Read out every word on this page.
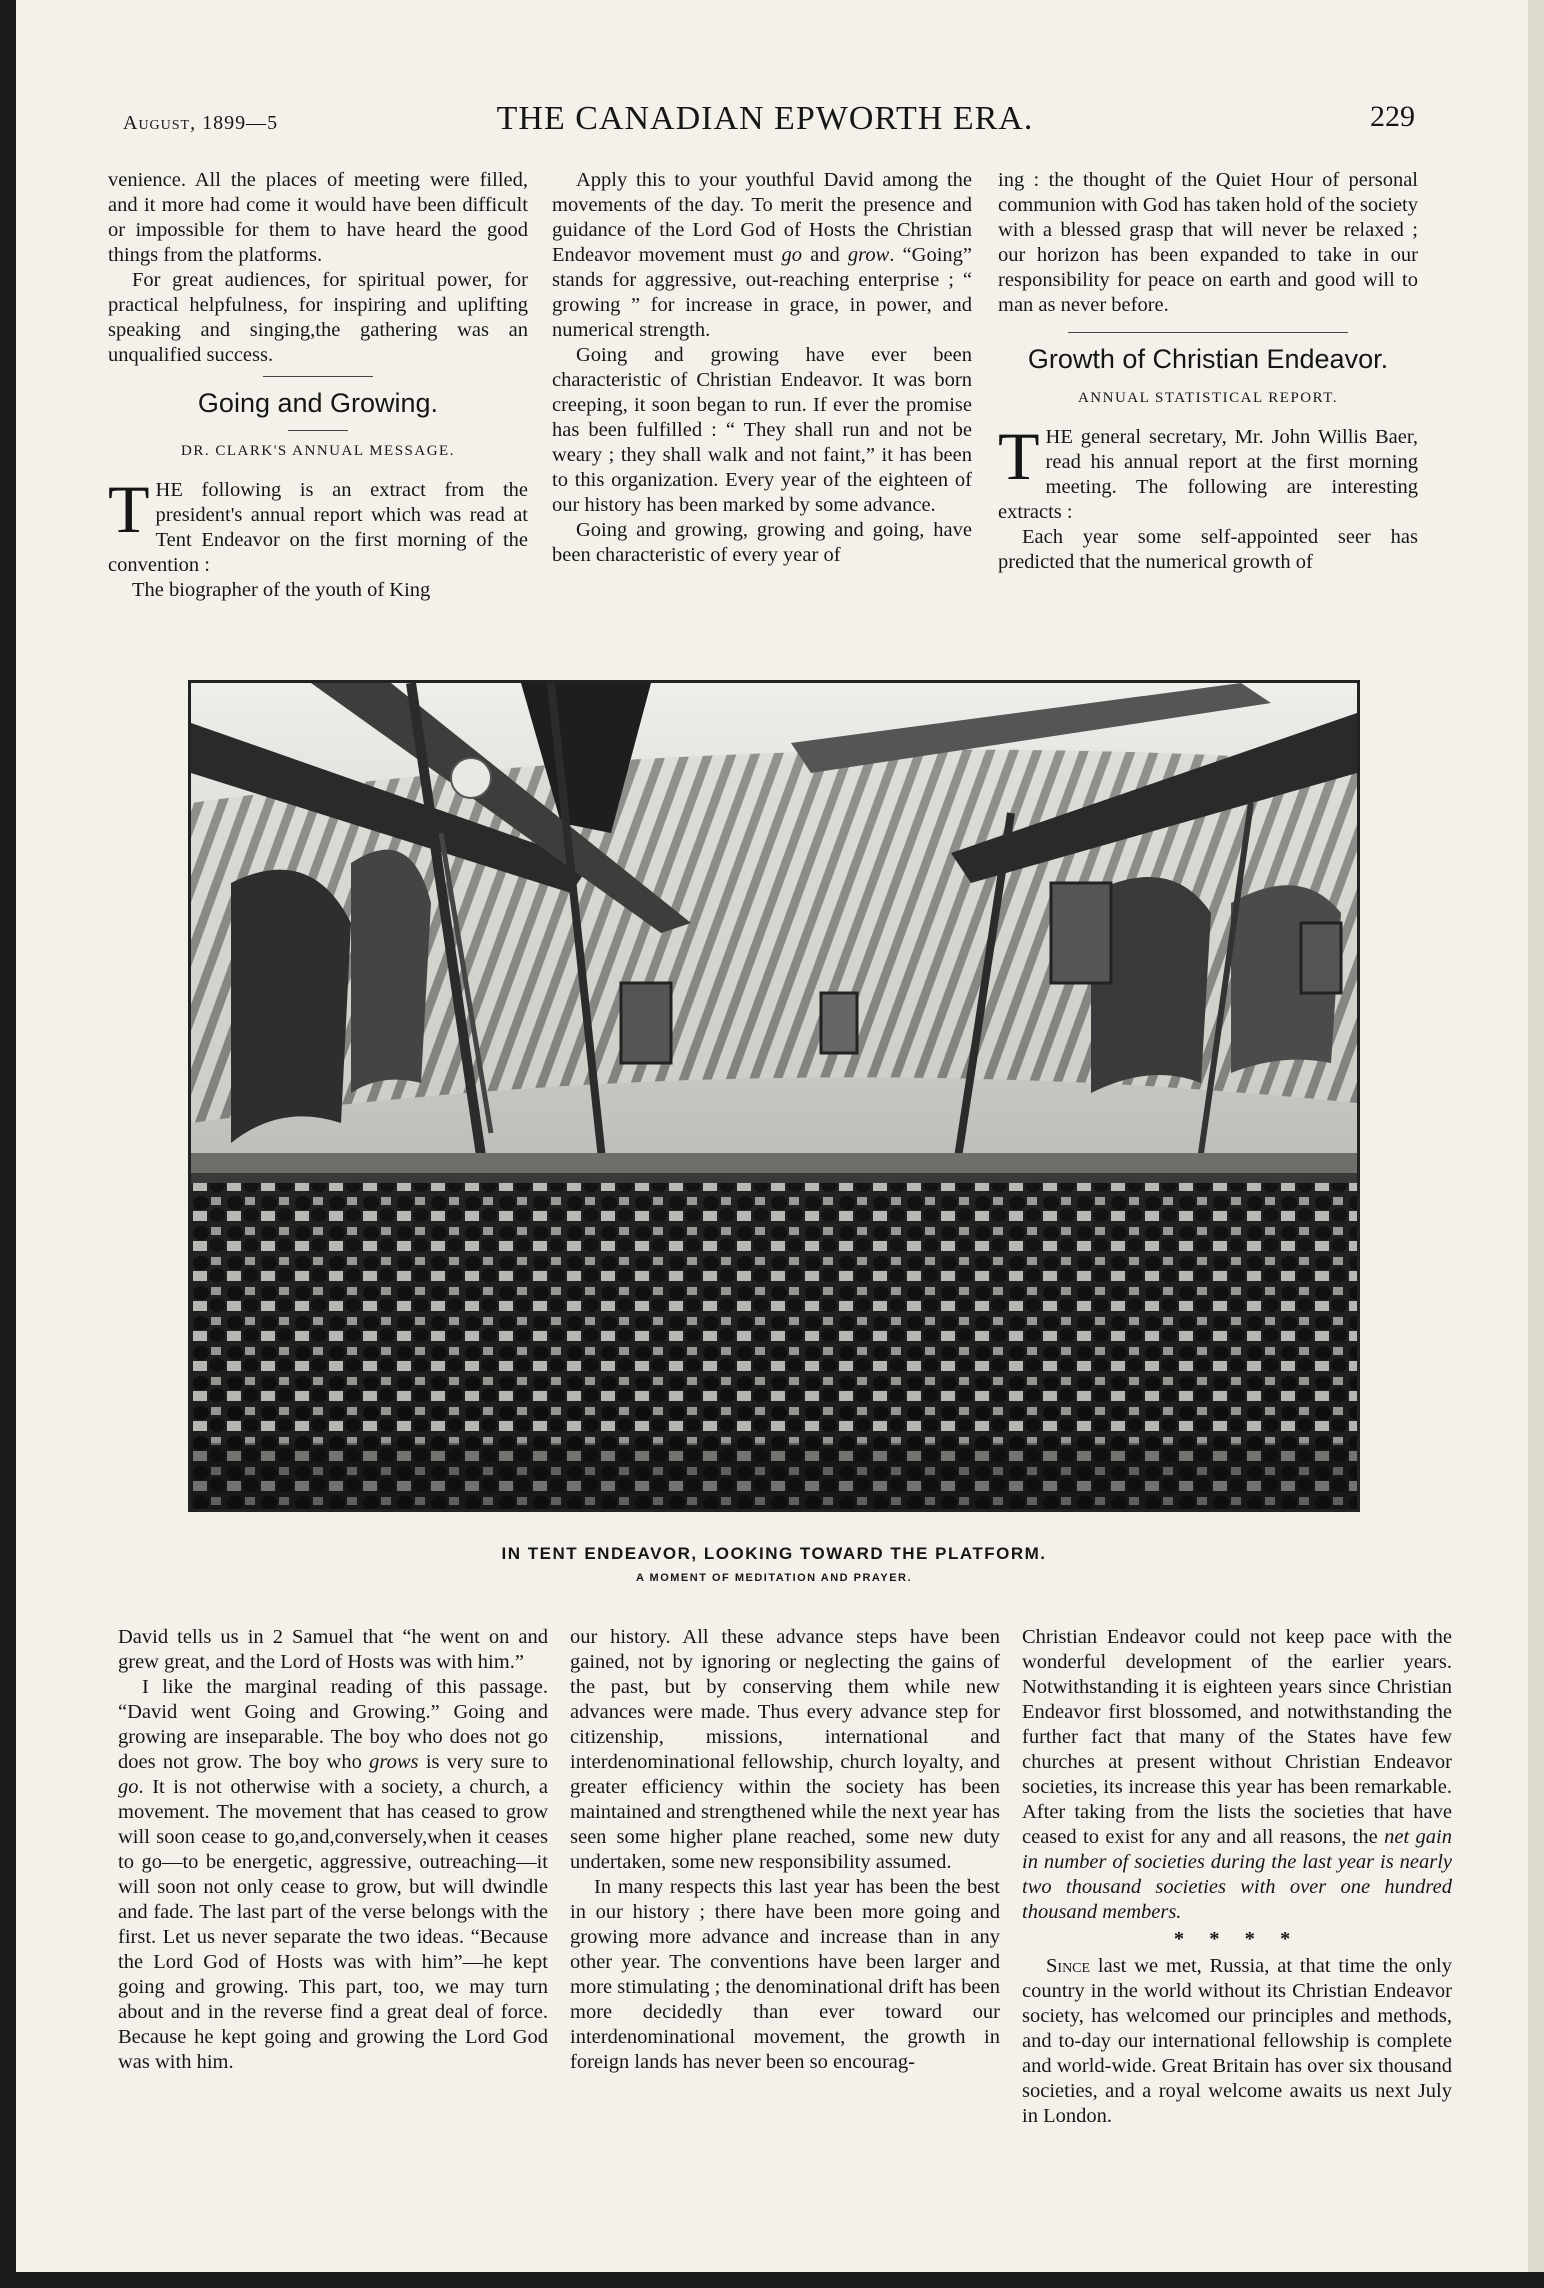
August, 1899—5	THE CANADIAN EPWORTH ERA.	229

venience. All the places of meeting were filled, and it more had come it would have been difficult or impossible for them to have heard the good things from the platforms.

For great audiences, for spiritual power, for practical helpfulness, for inspiring and uplifting speaking and singing,the gathering was an unqualified success.

Going and Growing.
DR. CLARK'S ANNUAL MESSAGE.

THE following is an extract from the president's annual report which was read at Tent Endeavor on the first morning of the convention :

The biographer of the youth of King

Apply this to your youthful David among the movements of the day. To merit the presence and guidance of the Lord God of Hosts the Christian Endeavor movement must go and grow. “Going” stands for aggressive, out-reaching enterprise ; “ growing ” for increase in grace, in power, and numerical strength.

Going and growing have ever been characteristic of Christian Endeavor. It was born creeping, it soon began to run. If ever the promise has been fulfilled : “ They shall run and not be weary ; they shall walk and not faint,” it has been to this organization. Every year of the eighteen of our history has been marked by some advance.

Going and growing, growing and going, have been characteristic of every year of

ing : the thought of the Quiet Hour of personal communion with God has taken hold of the society with a blessed grasp that will never be relaxed ; our horizon has been expanded to take in our responsibility for peace on earth and good will to man as never before.

Growth of Christian Endeavor.
ANNUAL STATISTICAL REPORT.

THE general secretary, Mr. John Willis Baer, read his annual report at the first morning meeting. The following are interesting extracts :

Each year some self-appointed seer has predicted that the numerical growth of

IN TENT ENDEAVOR, LOOKING TOWARD THE PLATFORM.
A MOMENT OF MEDITATION AND PRAYER.

David tells us in 2 Samuel that “he went on and grew great, and the Lord of Hosts was with him.”

I like the marginal reading of this passage. “David went Going and Growing.” Going and growing are inseparable. The boy who does not go does not grow. The boy who grows is very sure to go. It is not otherwise with a society, a church, a movement. The movement that has ceased to grow will soon cease to go,and,conversely,when it ceases to go—to be energetic, aggressive, outreaching—it will soon not only cease to grow, but will dwindle and fade. The last part of the verse belongs with the first. Let us never separate the two ideas. “Because the Lord God of Hosts was with him”—he kept going and growing. This part, too, we may turn about and in the reverse find a great deal of force. Because he kept going and growing the Lord God was with him.

our history. All these advance steps have been gained, not by ignoring or neglecting the gains of the past, but by conserving them while new advances were made. Thus every advance step for citizenship, missions, international and interdenominational fellowship, church loyalty, and greater efficiency within the society has been maintained and strengthened while the next year has seen some higher plane reached, some new duty undertaken, some new responsibility assumed.

In many respects this last year has been the best in our history ; there have been more going and growing more advance and increase than in any other year. The conventions have been larger and more stimulating ; the denominational drift has been more decidedly than ever toward our interdenominational movement, the growth in foreign lands has never been so encourag-

Christian Endeavor could not keep pace with the wonderful development of the earlier years. Notwithstanding it is eighteen years since Christian Endeavor first blossomed, and notwithstanding the further fact that many of the States have few churches at present without Christian Endeavor societies, its increase this year has been remarkable. After taking from the lists the societies that have ceased to exist for any and all reasons, the net gain in number of societies during the last year is nearly two thousand societies with over one hundred thousand members.

* * * *

Since last we met, Russia, at that time the only country in the world without its Christian Endeavor society, has welcomed our principles and methods, and to-day our international fellowship is complete and world-wide. Great Britain has over six thousand societies, and a royal welcome awaits us next July in London.
